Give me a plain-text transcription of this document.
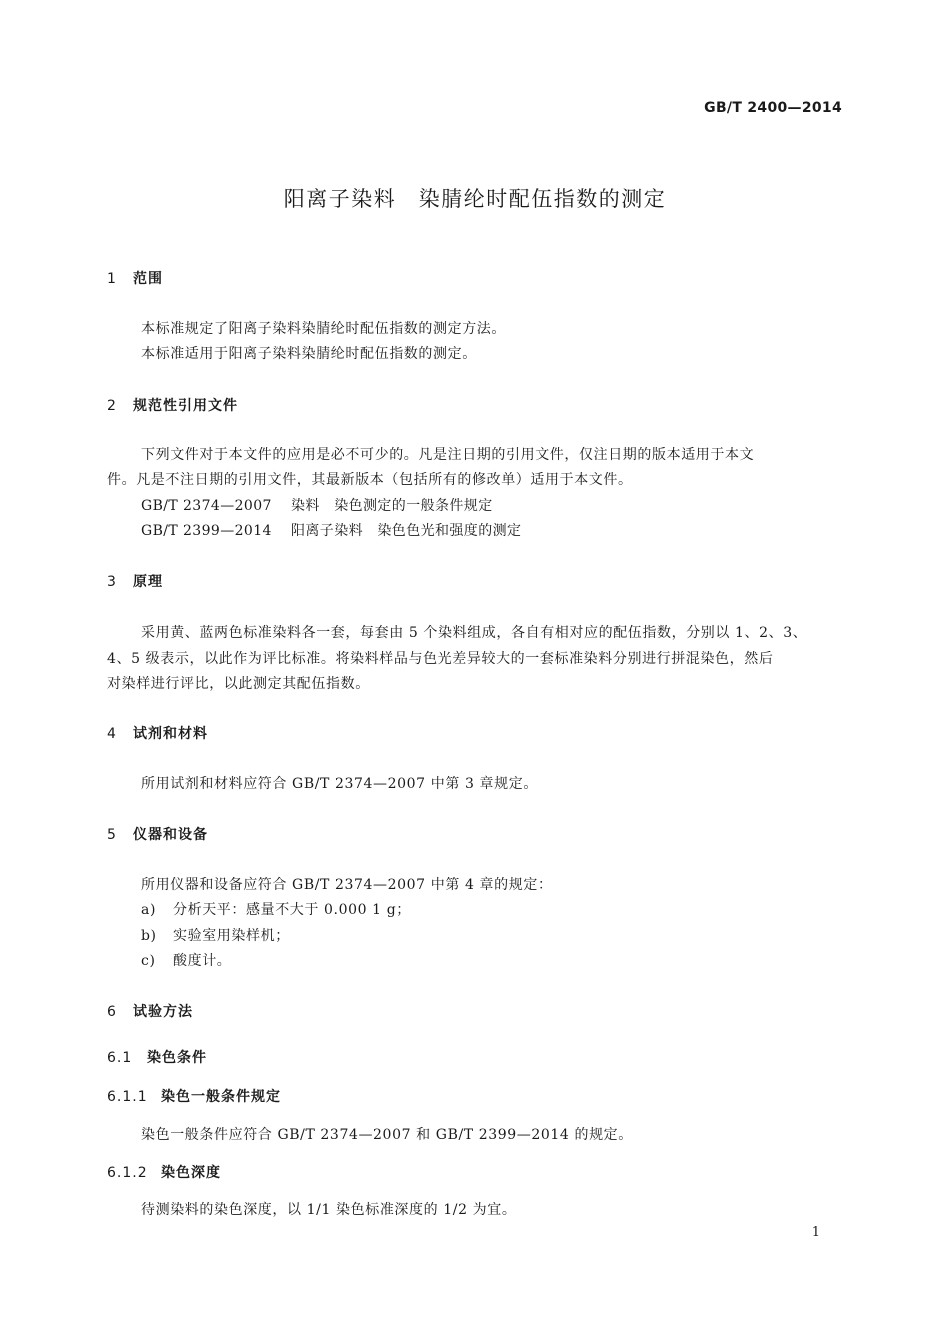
GB/T 2400—2014
阳离子染料　染腈纶时配伍指数的测定
1 范围
本标准规定了阳离子染料染腈纶时配伍指数的测定方法。
本标准适用于阳离子染料染腈纶时配伍指数的测定。
2 规范性引用文件
下列文件对于本文件的应用是必不可少的。凡是注日期的引用文件，仅注日期的版本适用于本文
件。凡是不注日期的引用文件，其最新版本（包括所有的修改单）适用于本文件。
GB/T 2374—2007 染料　染色测定的一般条件规定
GB/T 2399—2014 阳离子染料　染色色光和强度的测定
3 原理
采用黄、蓝两色标准染料各一套，每套由 5 个染料组成，各自有相对应的配伍指数，分别以 1、2、3、
4、5 级表示，以此作为评比标准。将染料样品与色光差异较大的一套标准染料分别进行拼混染色，然后
对染样进行评比，以此测定其配伍指数。
4 试剂和材料
所用试剂和材料应符合 GB/T 2374—2007 中第 3 章规定。
5 仪器和设备
所用仪器和设备应符合 GB/T 2374—2007 中第 4 章的规定：
a) 分析天平：感量不大于 0.000 1 g；
b) 实验室用染样机；
c) 酸度计。
6 试验方法
6.1 染色条件
6.1.1 染色一般条件规定
染色一般条件应符合 GB/T 2374—2007 和 GB/T 2399—2014 的规定。
6.1.2 染色深度
待测染料的染色深度，以 1/1 染色标准深度的 1/2 为宜。
1
